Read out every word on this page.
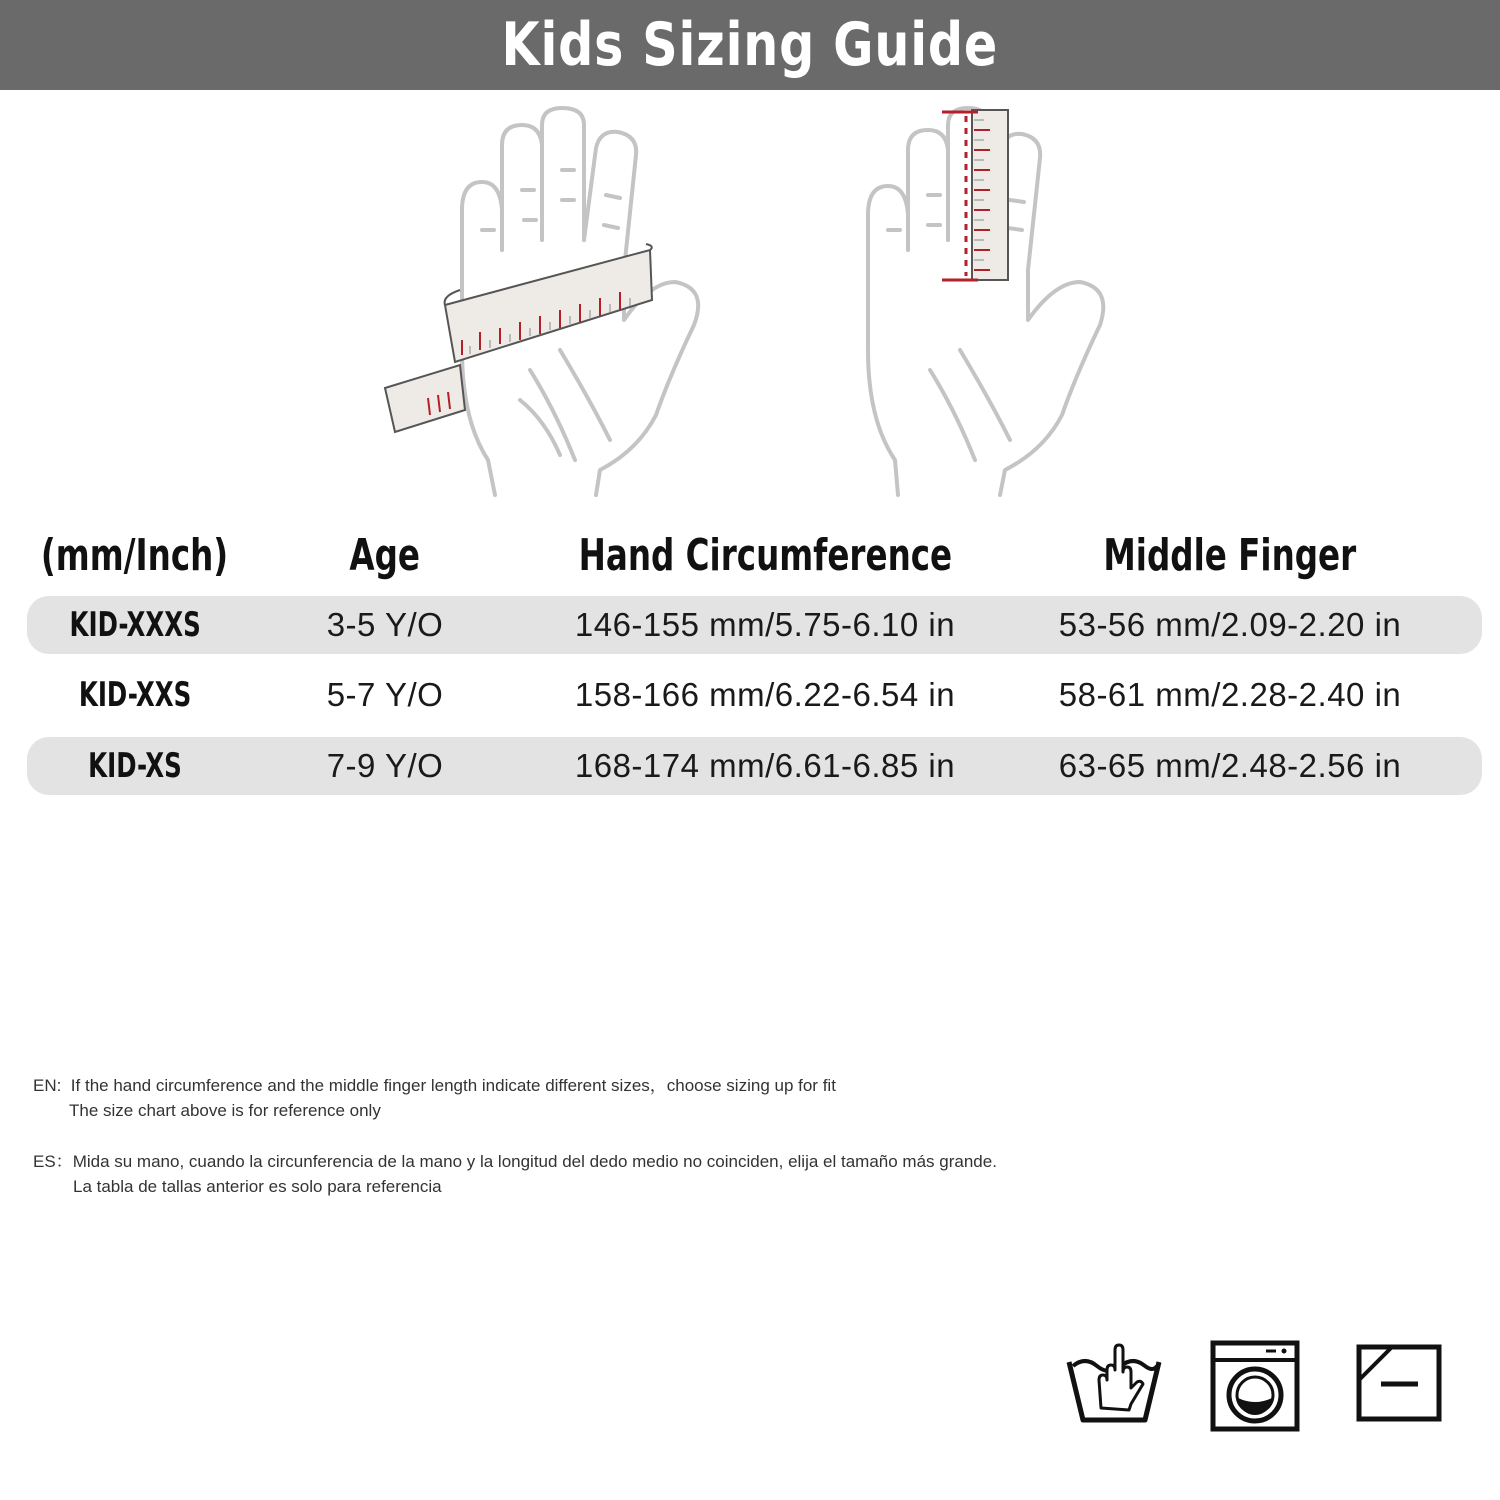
Kids Sizing Guide
(mm/Inch)	Age	Hand Circumference	Middle Finger
KID-XXXS	3-5 Y/O	146-155 mm/5.75-6.10 in	53-56 mm/2.09-2.20 in
KID-XXS	5-7 Y/O	158-166 mm/6.22-6.54 in	58-61 mm/2.28-2.40 in
KID-XS	7-9 Y/O	168-174 mm/6.61-6.85 in	63-65 mm/2.48-2.56 in
EN: If the hand circumference and the middle finger length indicate different sizes，choose sizing up for fit
The size chart above is for reference only
ES：Mida su mano, cuando la circunferencia de la mano y la longitud del dedo medio no coinciden, elija el tamaño más grande.
La tabla de tallas anterior es solo para referencia
